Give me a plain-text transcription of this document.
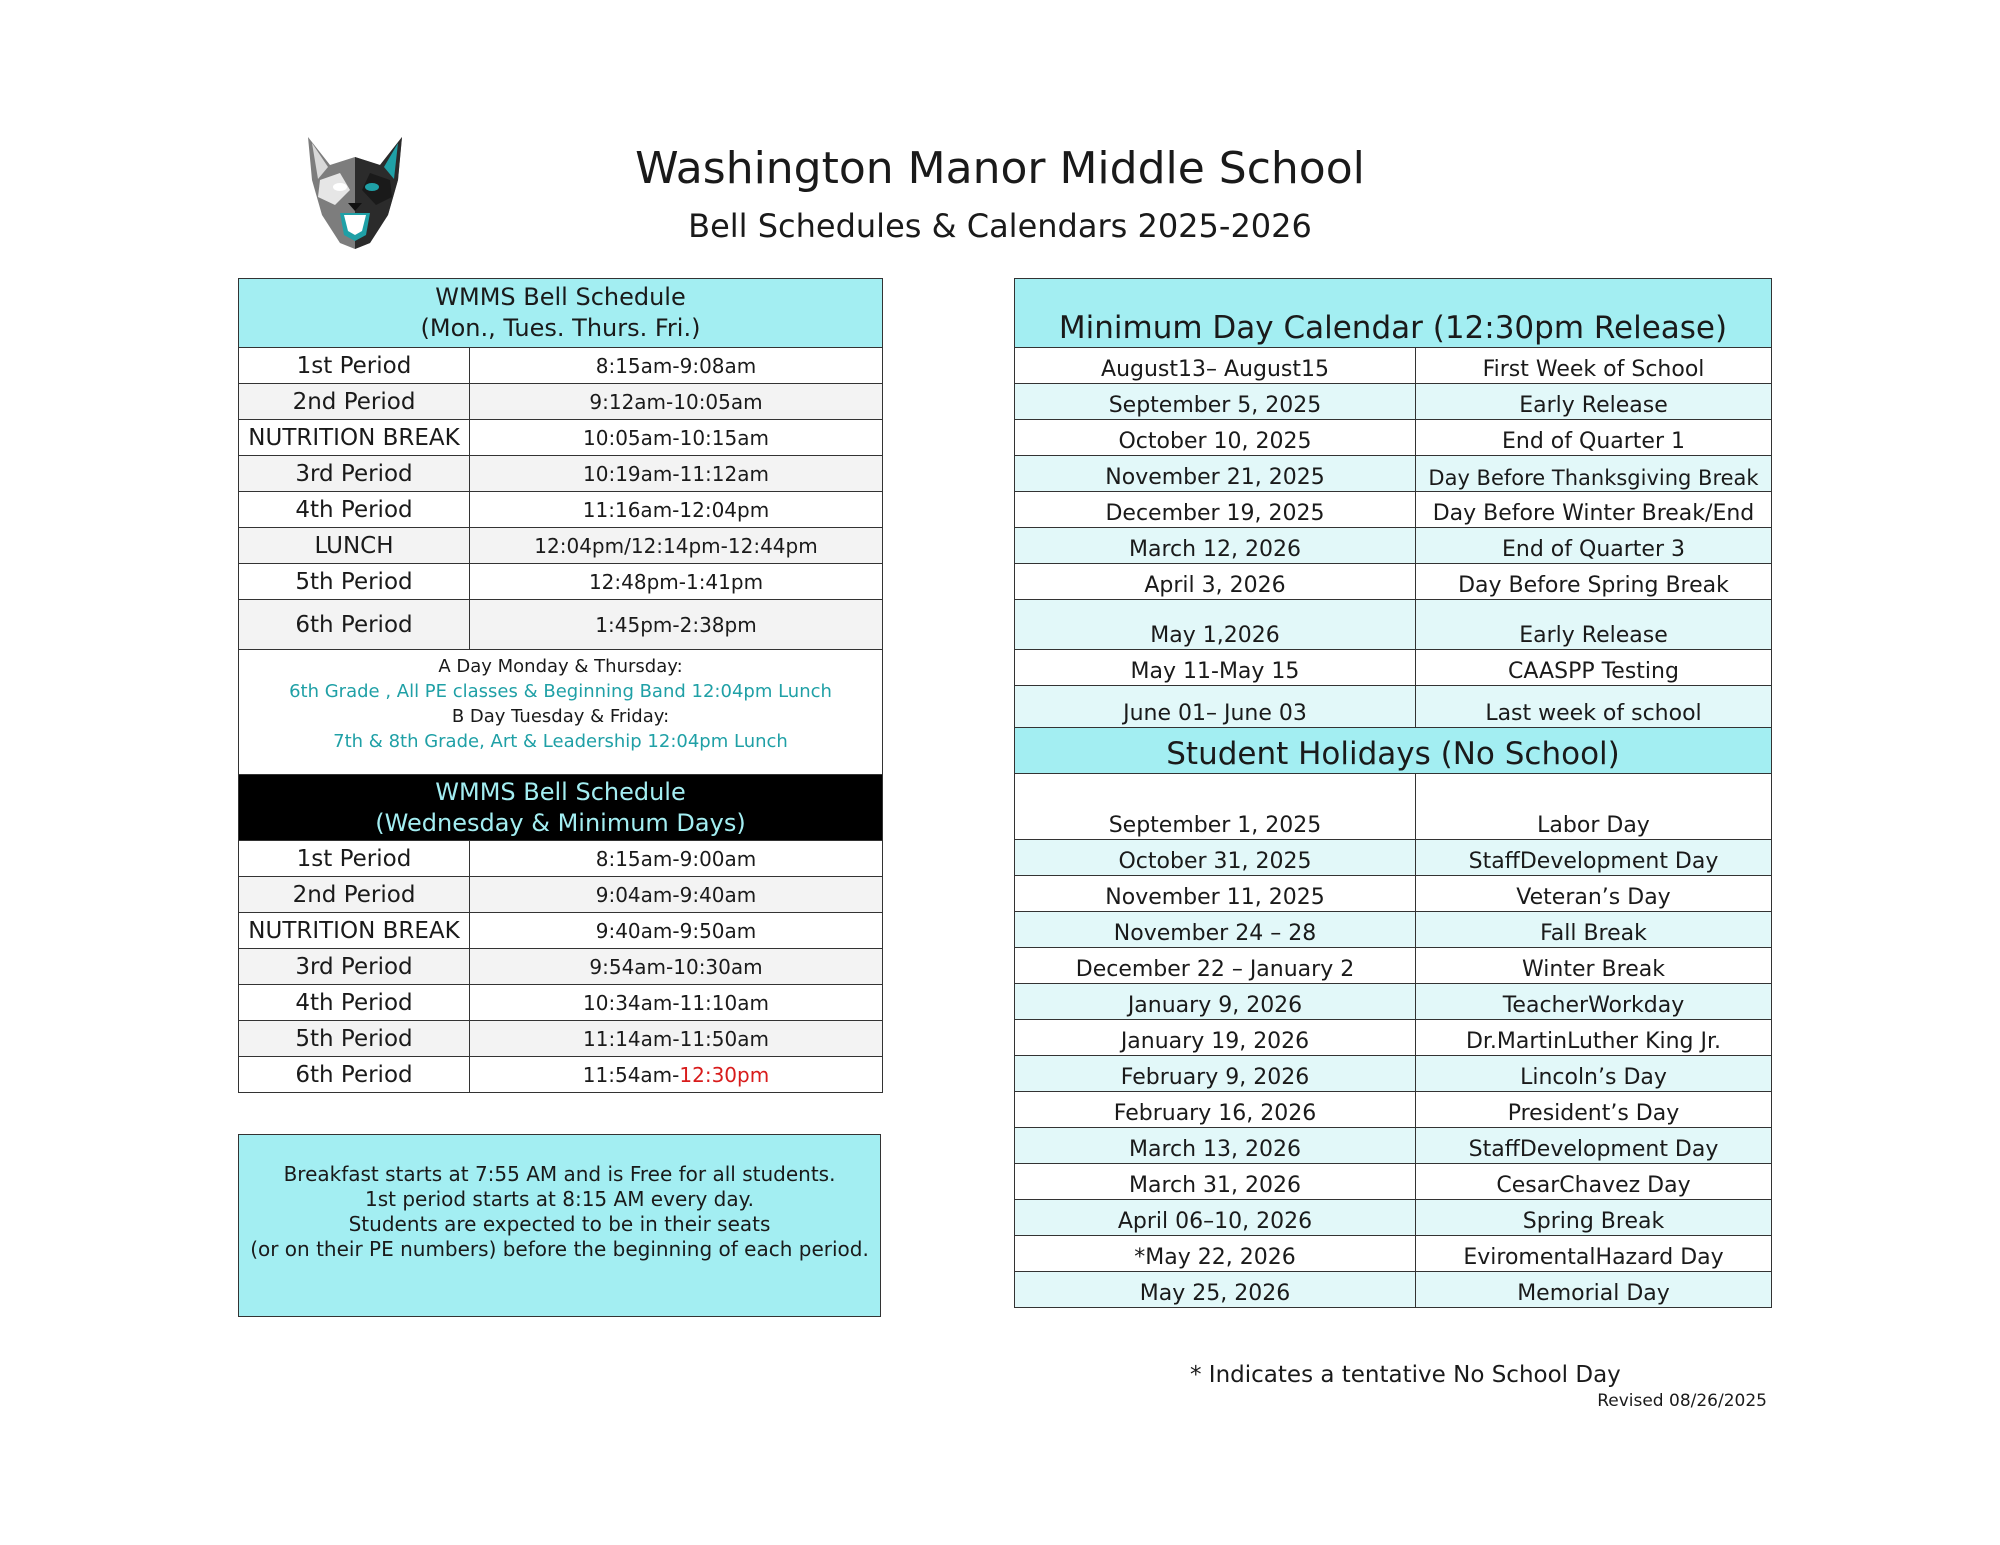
Washington Manor Middle School
Bell Schedules & Calendars 2025-2026
WMMS Bell Schedule
(Mon., Tues. Thurs. Fri.)	

1st Period	8:15am-9:08am
2nd Period	9:12am-10:05am
NUTRITION BREAK	10:05am-10:15am
3rd Period	10:19am-11:12am
4th Period	11:16am-12:04pm
LUNCH	12:04pm/12:14pm-12:44pm
5th Period	12:48pm-1:41pm
6th Period	1:45pm-2:38pm

A Day Monday & Thursday:
6th Grade , All PE classes & Beginning Band 12:04pm Lunch
B Day Tuesday & Friday:
7th & 8th Grade, Art & Leadership 12:04pm Lunch	

WMMS Bell Schedule
(Wednesday & Minimum Days)	

1st Period	8:15am-9:00am
2nd Period	9:04am-9:40am
NUTRITION BREAK	9:40am-9:50am
3rd Period	9:54am-10:30am
4th Period	10:34am-11:10am
5th Period	11:14am-11:50am
6th Period	11:54am-12:30pm
Breakfast starts at 7:55 AM and is Free for all students.
1st period starts at 8:15 AM every day.
Students are expected to be in their seats
(or on their PE numbers) before the beginning of each period.
Minimum Day Calendar (12:30pm Release)	
August13– August15	First Week of School
September 5, 2025	Early Release
October 10, 2025	End of Quarter 1
November 21, 2025	Day Before Thanksgiving Break
December 19, 2025	Day Before Winter Break/End
March 12, 2026	End of Quarter 3
April 3, 2026	Day Before Spring Break
May 1,2026	Early Release
May 11-May 15	CAASPP Testing
June 01– June 03	Last week of school
Student Holidays (No School)	
September 1, 2025	Labor Day
October 31, 2025	StaffDevelopment Day
November 11, 2025	Veteran’s Day
November 24 – 28	Fall Break
December 22 – January 2	Winter Break
January 9, 2026	TeacherWorkday
January 19, 2026	Dr.MartinLuther King Jr.
February 9, 2026	Lincoln’s Day
February 16, 2026	President’s Day
March 13, 2026	StaffDevelopment Day
March 31, 2026	CesarChavez Day
April 06–10, 2026	Spring Break
*May 22, 2026	EviromentalHazard Day
May 25, 2026	Memorial Day
* Indicates a tentative No School Day
Revised 08/26/2025
